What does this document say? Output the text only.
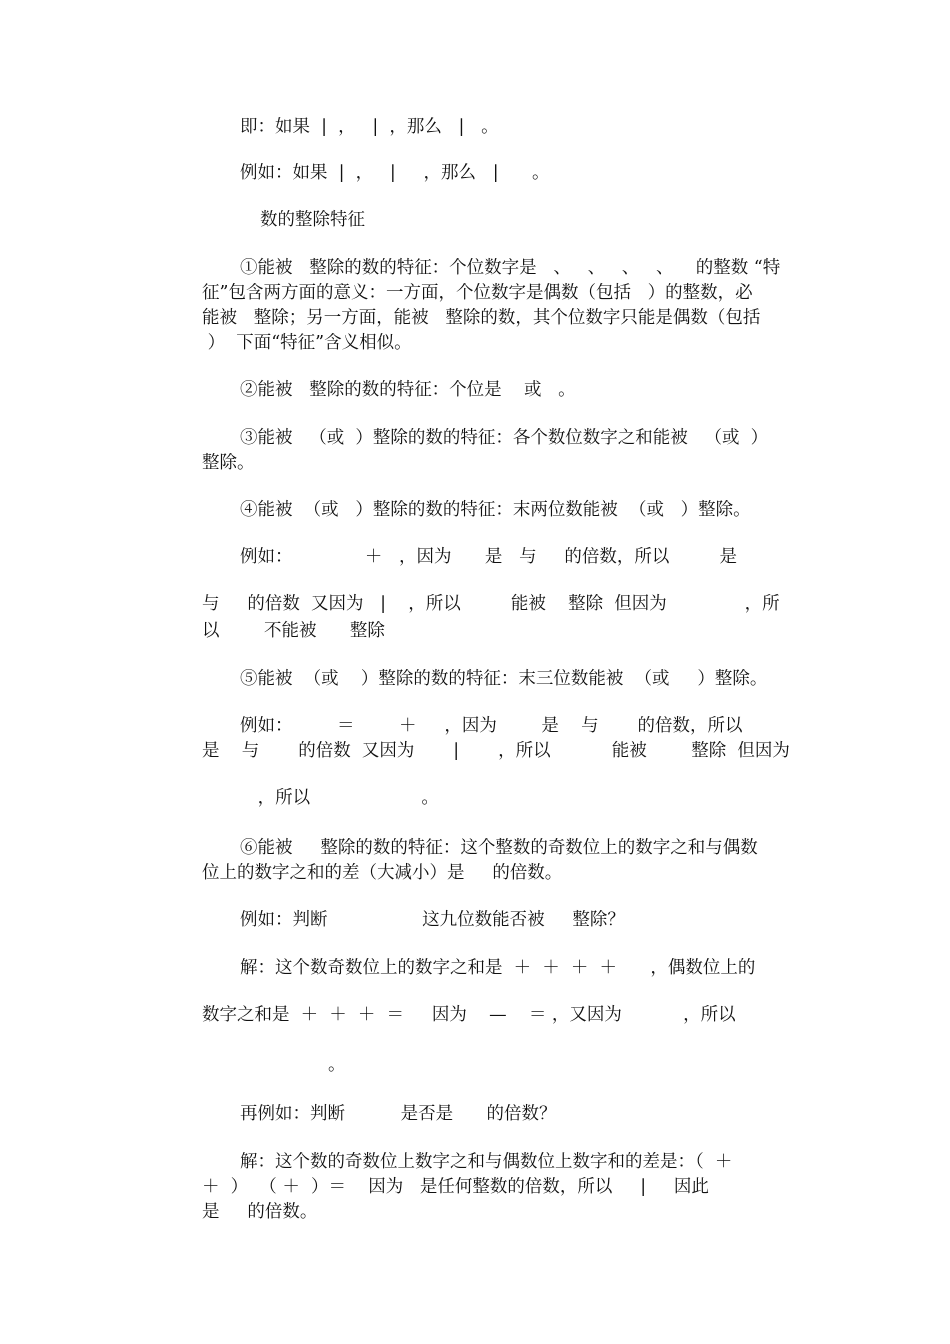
即：如果  |  ，   |  ，那么   |   。
例如：如果  |  ，   |     ，那么   |      。
数的整除特征
①能被   整除的数的特征：个位数字是   、   、   、   、    的整数 “特
征”包含两方面的意义：一方面，个位数字是偶数（包括   ）的整数，必
能被   整除；另一方面，能被   整除的数，其个位数字只能是偶数（包括
）  下面“特征”含义相似。
②能被   整除的数的特征：个位是    或   。
③能被   （或  ）整除的数的特征：各个数位数字之和能被   （或  ）
整除。
④能被  （或   ）整除的数的特征：末两位数能被  （或   ）整除。
例如：             ＋   ，因为      是   与     的倍数，所以         是
与     的倍数  又因为   |    ，所以         能被    整除  但因为              ，所
以        不能被      整除
⑤能被  （或    ）整除的数的特征：末三位数能被  （或     ）整除。
例如：        ＝        ＋     ，因为        是    与       的倍数，所以
是    与       的倍数  又因为       |       ，所以           能被        整除  但因为
，所以                    。
⑥能被     整除的数的特征：这个整数的奇数位上的数字之和与偶数
位上的数字之和的差（大减小）是     的倍数。
例如：判断                 这九位数能否被     整除？
解：这个数奇数位上的数字之和是  ＋  ＋  ＋  ＋      ，偶数位上的
数字之和是  ＋  ＋  ＋  ＝     因为    —    ＝ ，又因为           ，所以
。
再例如：判断          是否是      的倍数？
解：这个数的奇数位上数字之和与偶数位上数字和的差是：（  ＋
＋  ）  （ ＋  ）＝    因为   是任何整数的倍数，所以     |     因此
是     的倍数。
